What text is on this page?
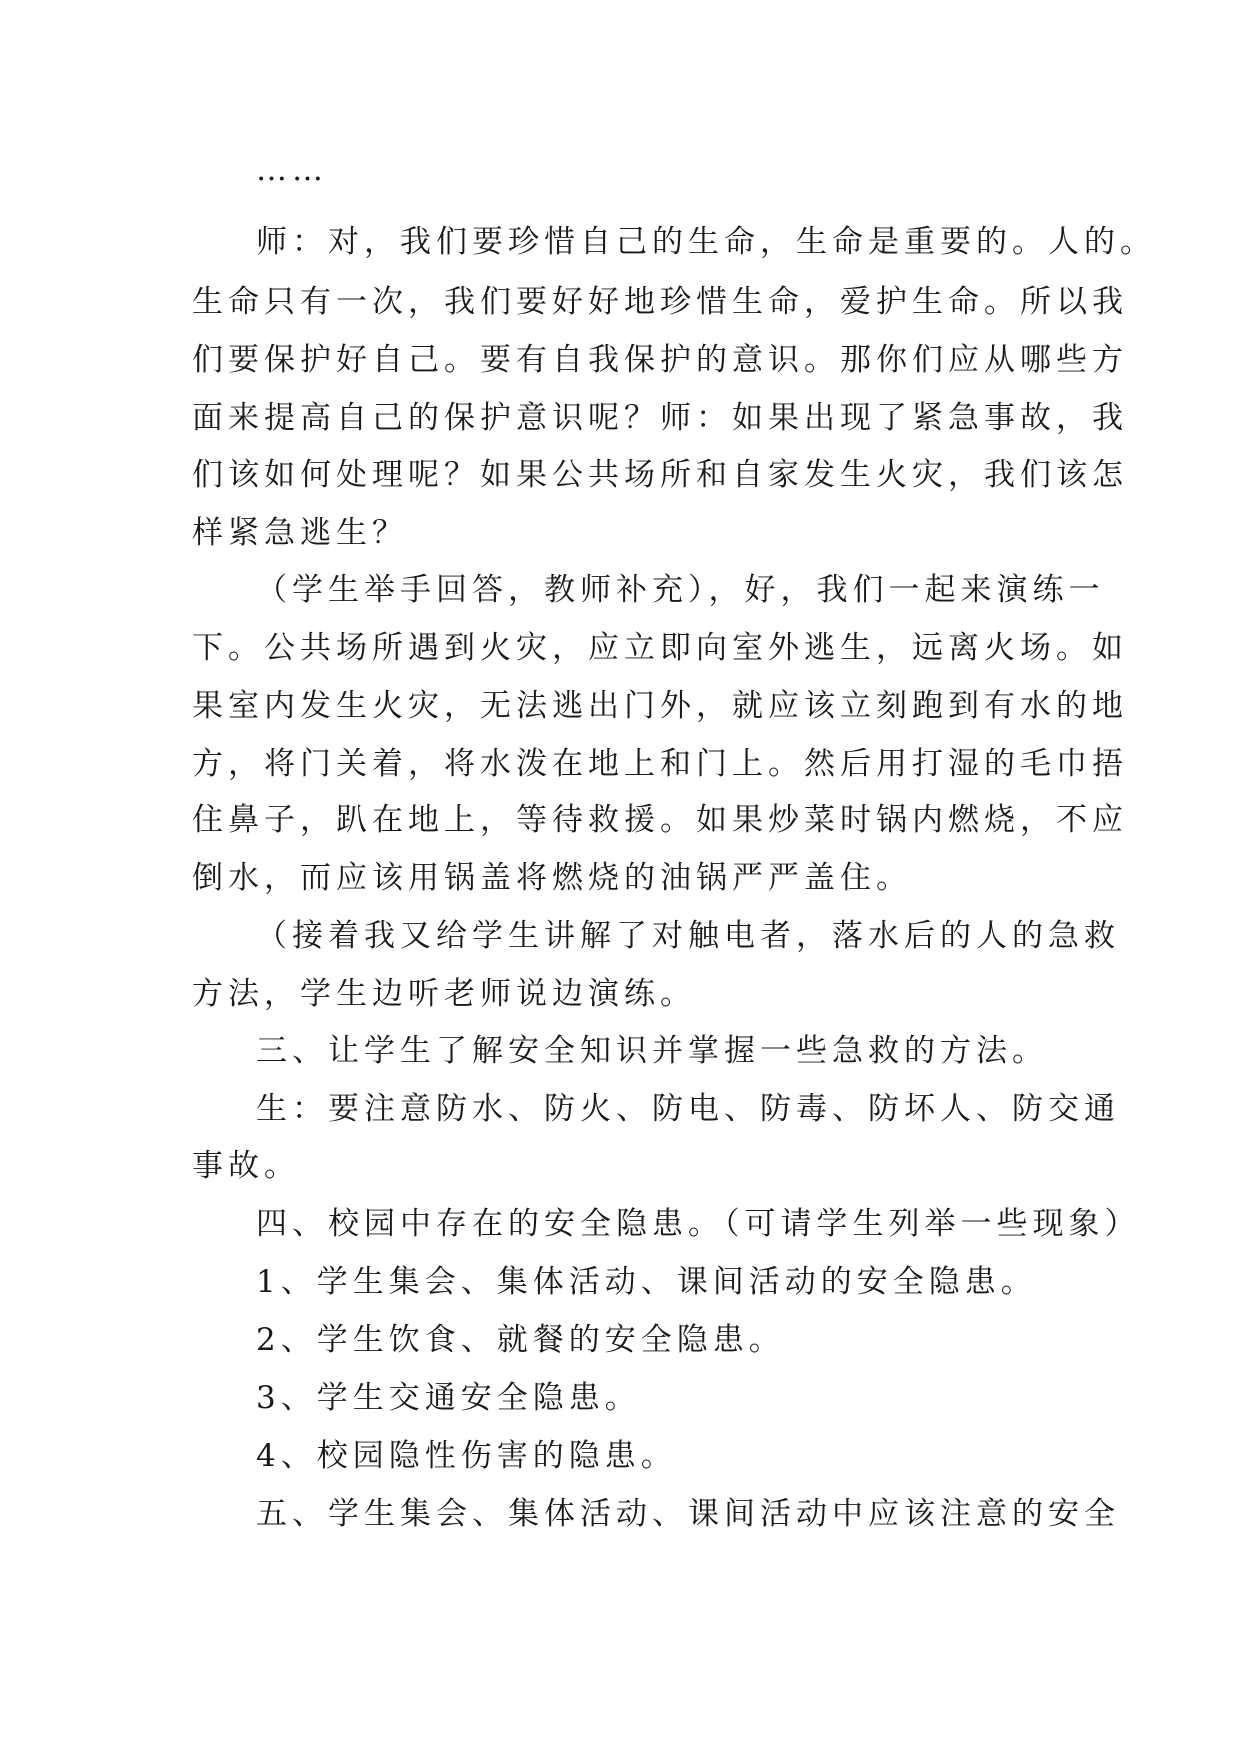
……

师：对，我们要珍惜自己的生命，生命是重要的。人的。

生命只有一次，我们要好好地珍惜生命，爱护生命。所以我

们要保护好自己。要有自我保护的意识。那你们应从哪些方

面来提高自己的保护意识呢？师：如果出现了紧急事故，我

们该如何处理呢？如果公共场所和自家发生火灾，我们该怎

样紧急逃生？

（学生举手回答，教师补充），好，我们一起来演练一

下。公共场所遇到火灾，应立即向室外逃生，远离火场。如

果室内发生火灾，无法逃出门外，就应该立刻跑到有水的地

方，将门关着，将水泼在地上和门上。然后用打湿的毛巾捂

住鼻子，趴在地上，等待救援。如果炒菜时锅内燃烧，不应

倒水，而应该用锅盖将燃烧的油锅严严盖住。

（接着我又给学生讲解了对触电者，落水后的人的急救

方法，学生边听老师说边演练。

三、让学生了解安全知识并掌握一些急救的方法。

生：要注意防水、防火、防电、防毒、防坏人、防交通

事故。

四、校园中存在的安全隐患。（可请学生列举一些现象）

1、学生集会、集体活动、课间活动的安全隐患。

2、学生饮食、就餐的安全隐患。

3、学生交通安全隐患。

4、校园隐性伤害的隐患。

五、学生集会、集体活动、课间活动中应该注意的安全
